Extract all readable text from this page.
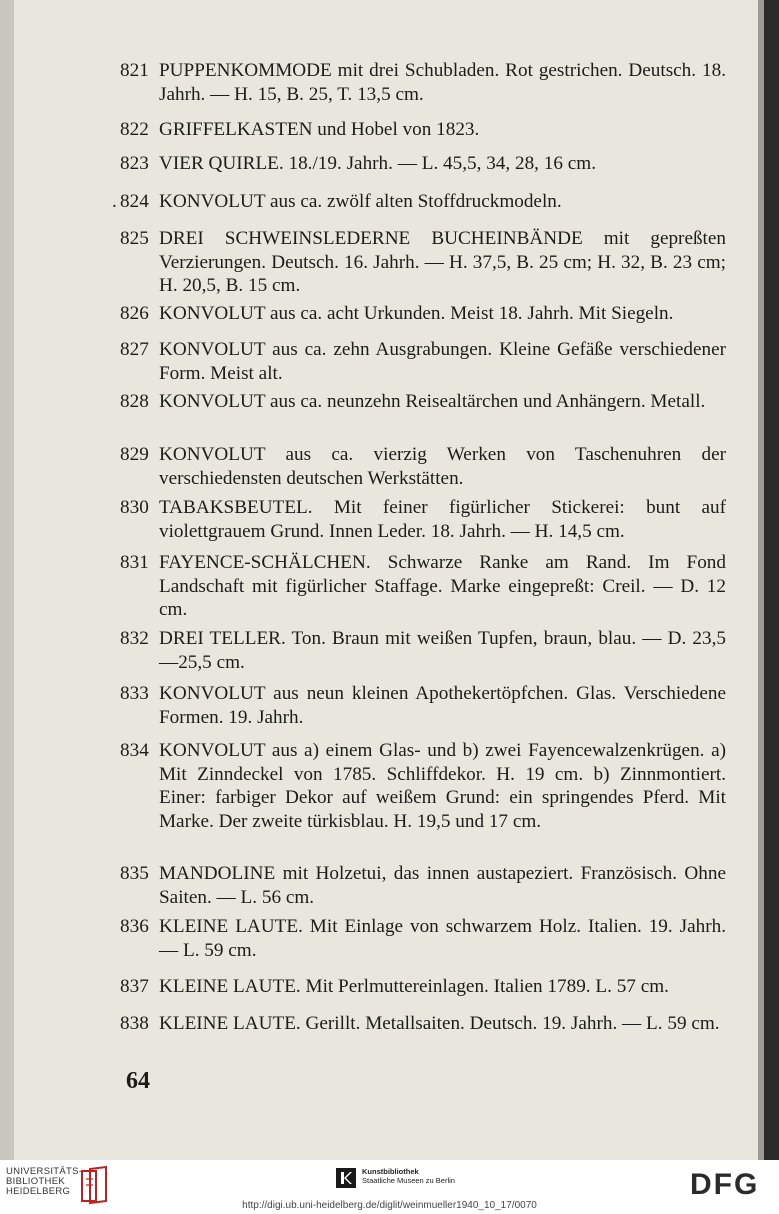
821 PUPPENKOMMODE mit drei Schubladen. Rot gestrichen. Deutsch. 18. Jahrh. — H. 15, B. 25, T. 13,5 cm.
822 GRIFFELKASTEN und Hobel von 1823.
823 VIER QUIRLE. 18./19. Jahrh. — L. 45,5, 34, 28, 16 cm.
. 824 KONVOLUT aus ca. zwölf alten Stoffdruckmodeln.
825 DREI SCHWEINSLEDERNE BUCHEINBÄNDE mit gepreßten Verzierungen. Deutsch. 16. Jahrh. — H. 37,5, B. 25 cm; H. 32, B. 23 cm; H. 20,5, B. 15 cm.
826 KONVOLUT aus ca. acht Urkunden. Meist 18. Jahrh. Mit Siegeln.
827 KONVOLUT aus ca. zehn Ausgrabungen. Kleine Gefäße verschiedener Form. Meist alt.
828 KONVOLUT aus ca. neunzehn Reisealtärchen und Anhängern. Metall.
829 KONVOLUT aus ca. vierzig Werken von Taschenuhren der verschiedensten deutschen Werkstätten.
830 TABAKSBEUTEL. Mit feiner figürlicher Stickerei: bunt auf violettgrauem Grund. Innen Leder. 18. Jahrh. — H. 14,5 cm.
831 FAYENCE-SCHÄLCHEN. Schwarze Ranke am Rand. Im Fond Landschaft mit figürlicher Staffage. Marke eingepreßt: Creil. — D. 12 cm.
832 DREI TELLER. Ton. Braun mit weißen Tupfen, braun, blau. — D. 23,5—25,5 cm.
833 KONVOLUT aus neun kleinen Apothekertöpfchen. Glas. Verschiedene Formen. 19. Jahrh.
834 KONVOLUT aus a) einem Glas- und b) zwei Fayencewalzenkrügen. a) Mit Zinndeckel von 1785. Schliffdekor. H. 19 cm. b) Zinnmontiert. Einer: farbiger Dekor auf weißem Grund: ein springendes Pferd. Mit Marke. Der zweite türkisblau. H. 19,5 und 17 cm.
835 MANDOLINE mit Holzetui, das innen austapeziert. Französisch. Ohne Saiten. — L. 56 cm.
836 KLEINE LAUTE. Mit Einlage von schwarzem Holz. Italien. 19. Jahrh. — L. 59 cm.
837 KLEINE LAUTE. Mit Perlmuttereinlagen. Italien 1789. L. 57 cm.
838 KLEINE LAUTE. Gerillt. Metallsaiten. Deutsch. 19. Jahrh. — L. 59 cm.
64
UNIVERSITÄTS-
BIBLIOTHEK
HEIDELBERG
Kunstbibliothek
Staatliche Museen zu Berlin	DFG
http://digi.ub.uni-heidelberg.de/diglit/weinmueller1940_10_17/0070
